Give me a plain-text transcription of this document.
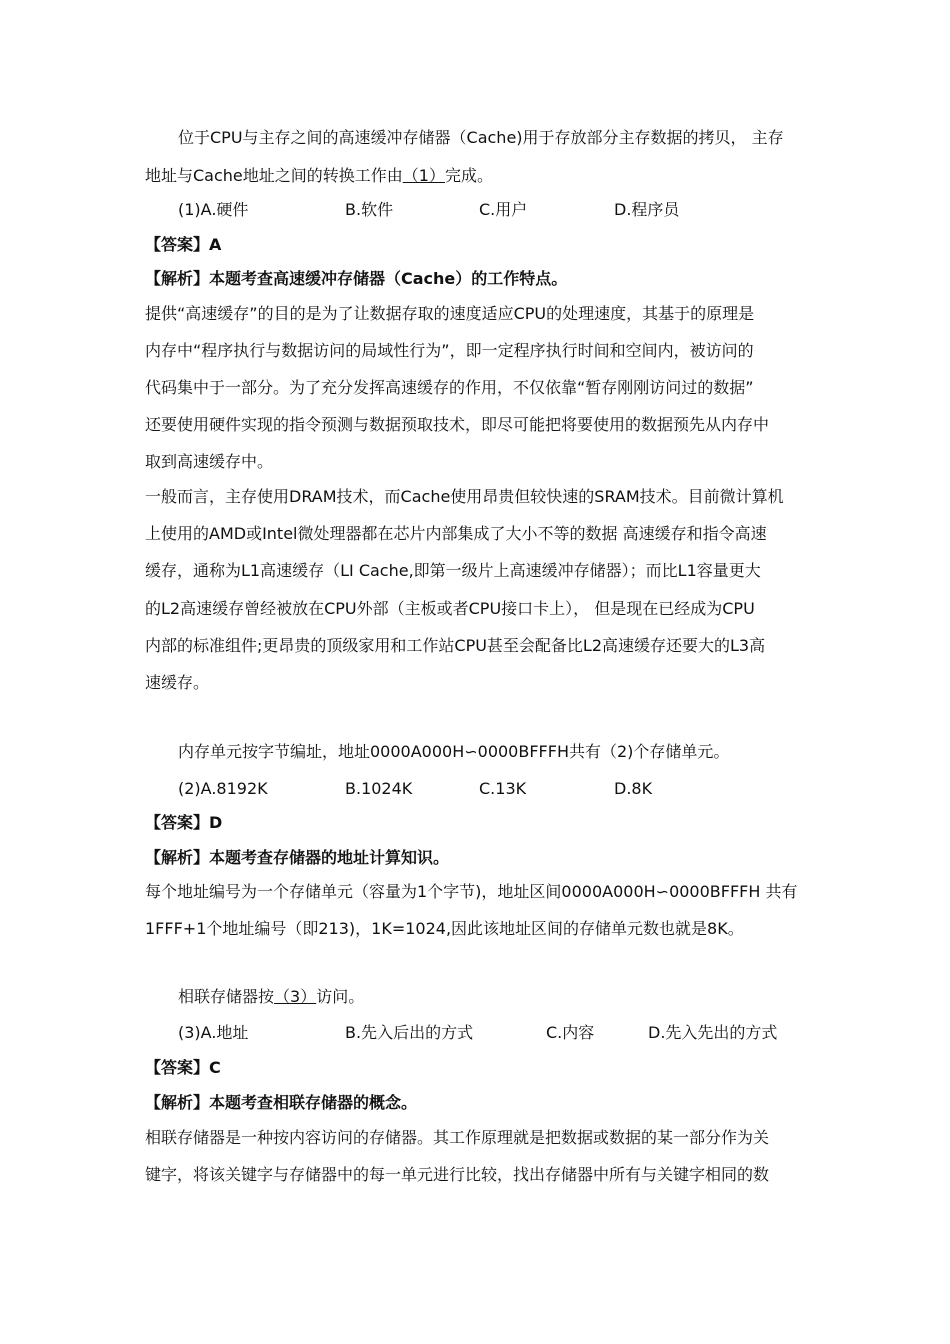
位于CPU与主存之间的高速缓冲存储器（Cache)用于存放部分主存数据的拷贝， 主存
地址与Cache地址之间的转换工作由（1）完成。
(1)A.硬件	B.软件	C.用户	D.程序员
【答案】A
【解析】本题考查高速缓冲存储器（Cache）的工作特点。
提供“高速缓存”的目的是为了让数据存取的速度适应CPU的处理速度，其基于的原理是
内存中“程序执行与数据访问的局域性行为”，即一定程序执行时间和空间内，被访问的
代码集中于一部分。为了充分发挥高速缓存的作用，不仅依靠“暂存刚刚访问过的数据”
还要使用硬件实现的指令预测与数据预取技术，即尽可能把将要使用的数据预先从内存中
取到高速缓存中。
一般而言，主存使用DRAM技术，而Cache使用昂贵但较快速的SRAM技术。目前微计算机
上使用的AMD或Intel微处理器都在芯片内部集成了大小不等的数据 高速缓存和指令高速
缓存，通称为L1高速缓存（LI Cache,即第一级片上高速缓冲存储器）；而比L1容量更大
的L2高速缓存曾经被放在CPU外部（主板或者CPU接口卡上）， 但是现在已经成为CPU
内部的标准组件;更昂贵的顶级家用和工作站CPU甚至会配备比L2高速缓存还要大的L3高
速缓存。
内存单元按字节编址，地址0000A000H∽0000BFFFH共有（2)个存储单元。
(2)A.8192K	B.1024K	C.13K	D.8K
【答案】D
【解析】本题考查存储器的地址计算知识。
每个地址编号为一个存储单元（容量为1个字节)，地址区间0000A000H∽0000BFFFH 共有
1FFF+1个地址编号（即213)，1K=1024,因此该地址区间的存储单元数也就是8K。
相联存储器按（3）访问。
(3)A.地址	B.先入后出的方式	C.内容	D.先入先出的方式
【答案】C
【解析】本题考查相联存储器的概念。
相联存储器是一种按内容访问的存储器。其工作原理就是把数据或数据的某一部分作为关
键字，将该关键字与存储器中的每一单元进行比较，找出存储器中所有与关键字相同的数
